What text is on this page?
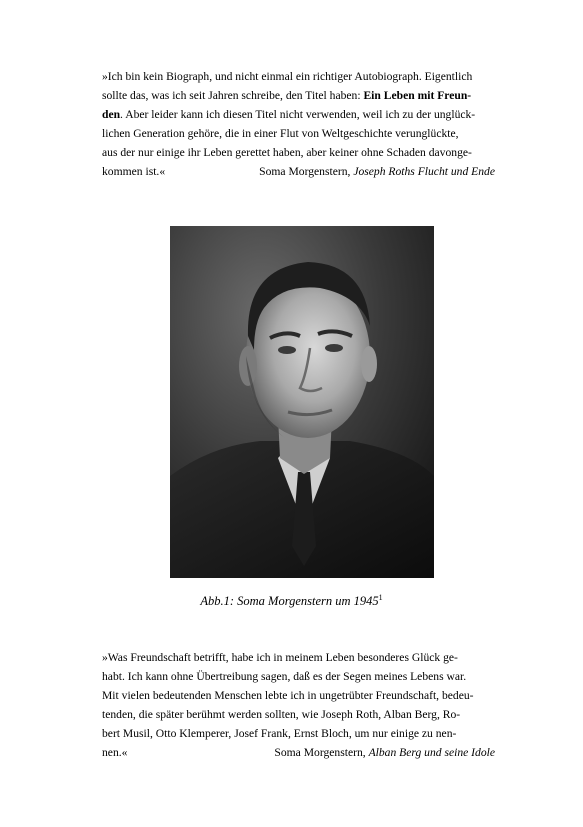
»Ich bin kein Biograph, und nicht einmal ein richtiger Autobiograph. Eigentlich
sollte das, was ich seit Jahren schreibe, den Titel haben: Ein Leben mit Freun-
den. Aber leider kann ich diesen Titel nicht verwenden, weil ich zu der unglück-
lichen Generation gehöre, die in einer Flut von Weltgeschichte verunglückte,
aus der nur einige ihr Leben gerettet haben, aber keiner ohne Schaden davonge-
kommen ist.«	Soma Morgenstern, Joseph Roths Flucht und Ende
Abb.1: Soma Morgenstern um 1945$^1$
»Was Freundschaft betrifft, habe ich in meinem Leben besonderes Glück ge-
habt. Ich kann ohne Übertreibung sagen, daß es der Segen meines Lebens war.
Mit vielen bedeutenden Menschen lebte ich in ungetrübter Freundschaft, bedeu-
tenden, die später berühmt werden sollten, wie Joseph Roth, Alban Berg, Ro-
bert Musil, Otto Klemperer, Josef Frank, Ernst Bloch, um nur einige zu nen-
nen.«	Soma Morgenstern, Alban Berg und seine Idole
